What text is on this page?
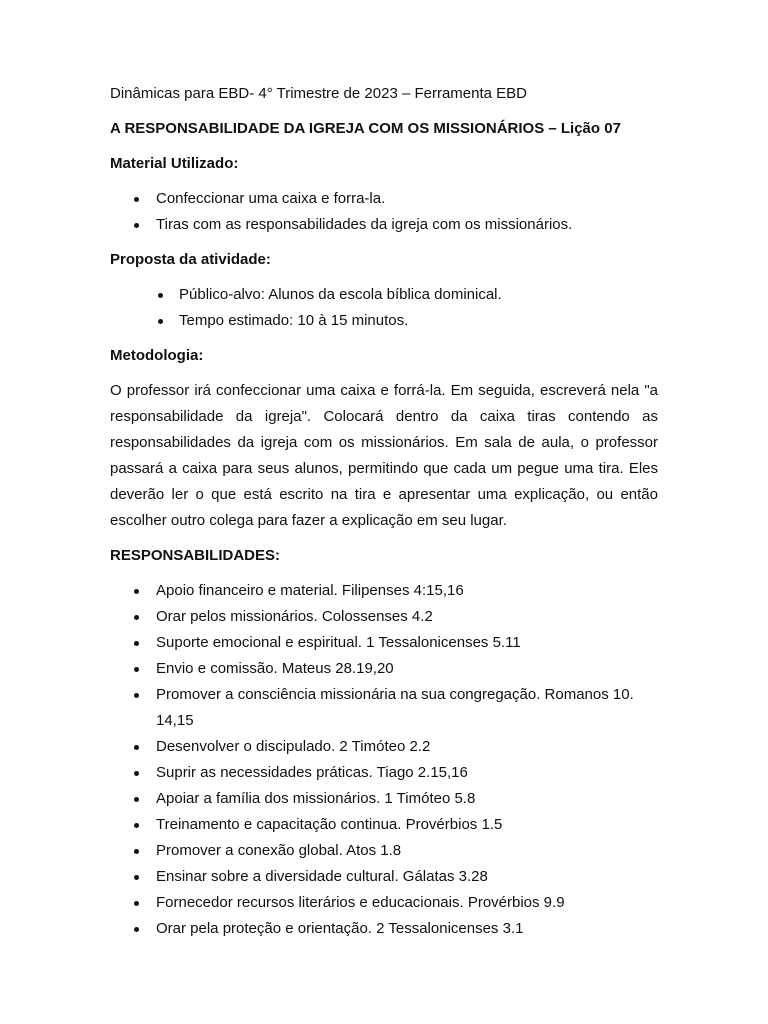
Dinâmicas para EBD- 4° Trimestre de 2023 – Ferramenta EBD

A RESPONSABILIDADE DA IGREJA COM OS MISSIONÁRIOS – Lição 07

Material Utilizado:

Confeccionar uma caixa e forra-la.
Tiras com as responsabilidades da igreja com os missionários.

Proposta da atividade:

Público-alvo: Alunos da escola bíblica dominical.
Tempo estimado: 10 à 15 minutos.

Metodologia:

O professor irá confeccionar uma caixa e forrá-la. Em seguida, escreverá nela "a responsabilidade da igreja". Colocará dentro da caixa tiras contendo as responsabilidades da igreja com os missionários. Em sala de aula, o professor passará a caixa para seus alunos, permitindo que cada um pegue uma tira. Eles deverão ler o que está escrito na tira e apresentar uma explicação, ou então escolher outro colega para fazer a explicação em seu lugar.

RESPONSABILIDADES:

Apoio financeiro e material. Filipenses 4:15,16
Orar pelos missionários. Colossenses 4.2
Suporte emocional e espiritual. 1 Tessalonicenses 5.11
Envio e comissão. Mateus 28.19,20
Promover a consciência missionária na sua congregação. Romanos 10. 14,15
Desenvolver o discipulado. 2 Timóteo 2.2
Suprir as necessidades práticas. Tiago 2.15,16
Apoiar a família dos missionários. 1 Timóteo 5.8
Treinamento e capacitação continua. Provérbios 1.5
Promover a conexão global. Atos 1.8
Ensinar sobre a diversidade cultural. Gálatas 3.28
Fornecedor recursos literários e educacionais. Provérbios 9.9
Orar pela proteção e orientação. 2 Tessalonicenses 3.1
